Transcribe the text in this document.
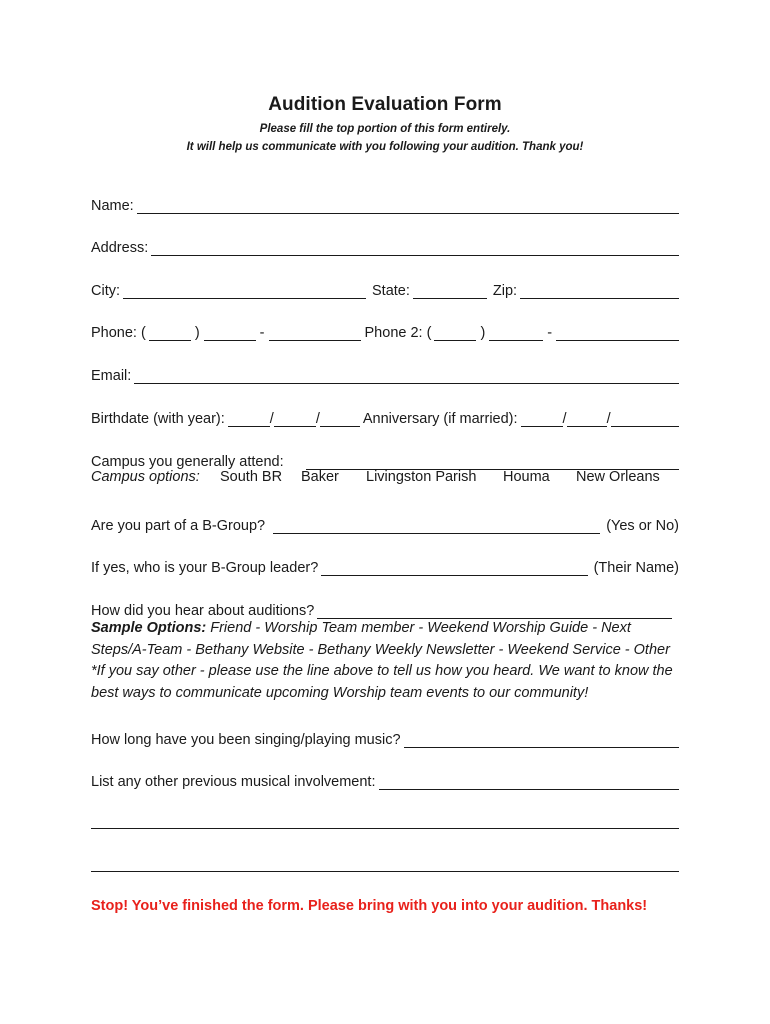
Audition Evaluation Form
Please fill the top portion of this form entirely.
It will help us communicate with you following your audition. Thank you!
Name:
Address:
City:	State:	Zip:
Phone: (	)	-	Phone 2: (	)	-
Email:
Birthdate (with year):	/	/	Anniversary (if married):	/	/
Campus you generally attend:
Campus options:	South BR	Baker	Livingston Parish	Houma	New Orleans
Are you part of a B-Group?	(Yes or No)
If yes, who is your B-Group leader?	(Their Name)
How did you hear about auditions?
Sample Options: Friend - Worship Team member - Weekend Worship Guide - Next Steps/A-Team - Bethany Website - Bethany Weekly Newsletter - Weekend Service - Other *If you say other - please use the line above to tell us how you heard. We want to know the best ways to communicate upcoming Worship team events to our community!
How long have you been singing/playing music?
List any other previous musical involvement:
Stop! You’ve finished the form. Please bring with you into your audition. Thanks!
